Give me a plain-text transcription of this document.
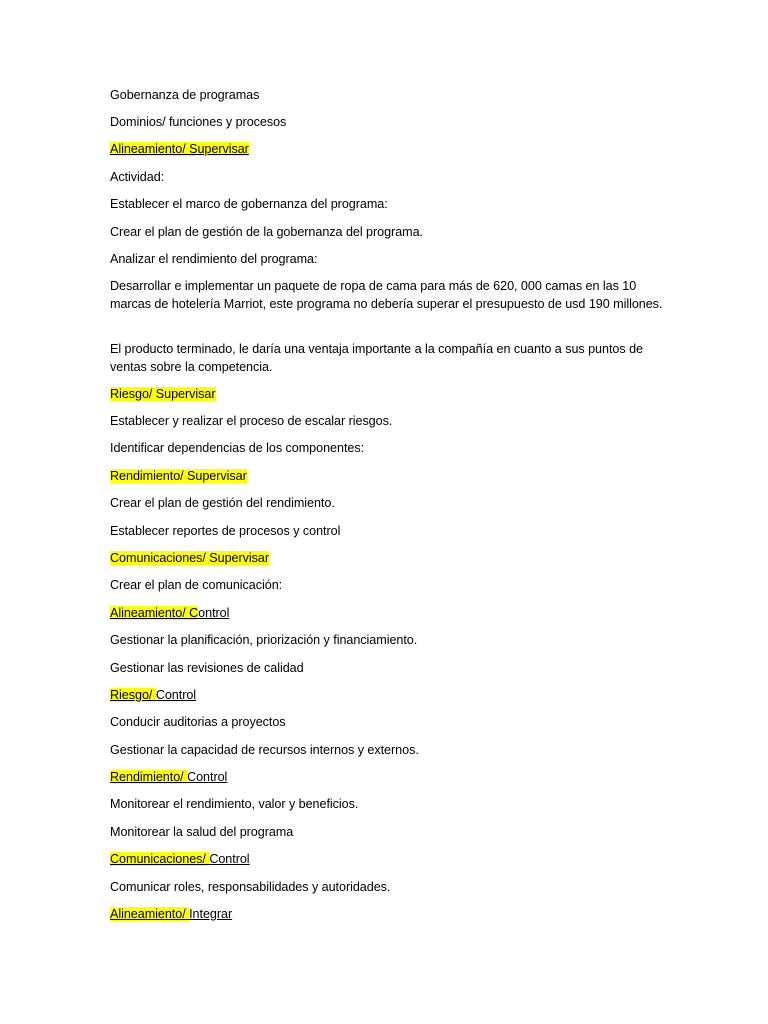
Gobernanza de programas

Dominios/ funciones y procesos

Alineamiento/ Supervisar

Actividad:

Establecer el marco de gobernanza del programa:

Crear el plan de gestión de la gobernanza del programa.

Analizar el rendimiento del programa:

Desarrollar e implementar un paquete de ropa de cama para más de 620, 000 camas en las 10 marcas de hotelería Marriot, este programa no debería superar el presupuesto de usd 190 millones.

El producto terminado, le daría una ventaja importante a la compañía en cuanto a sus puntos de ventas sobre la competencia.

Riesgo/ Supervisar

Establecer y realizar el proceso de escalar riesgos.

Identificar dependencias de los componentes:

Rendimiento/ Supervisar

Crear el plan de gestión del rendimiento.

Establecer reportes de procesos y control

Comunicaciones/ Supervisar

Crear el plan de comunicación:

Alineamiento/ Control

Gestionar la planificación, priorización y financiamiento.

Gestionar las revisiones de calidad

Riesgo/ Control

Conducir auditorias a proyectos

Gestionar la capacidad de recursos internos y externos.

Rendimiento/ Control

Monitorear el rendimiento, valor y beneficios.

Monitorear la salud del programa

Comunicaciones/ Control

Comunicar roles, responsabilidades y autoridades.

Alineamiento/ Integrar
